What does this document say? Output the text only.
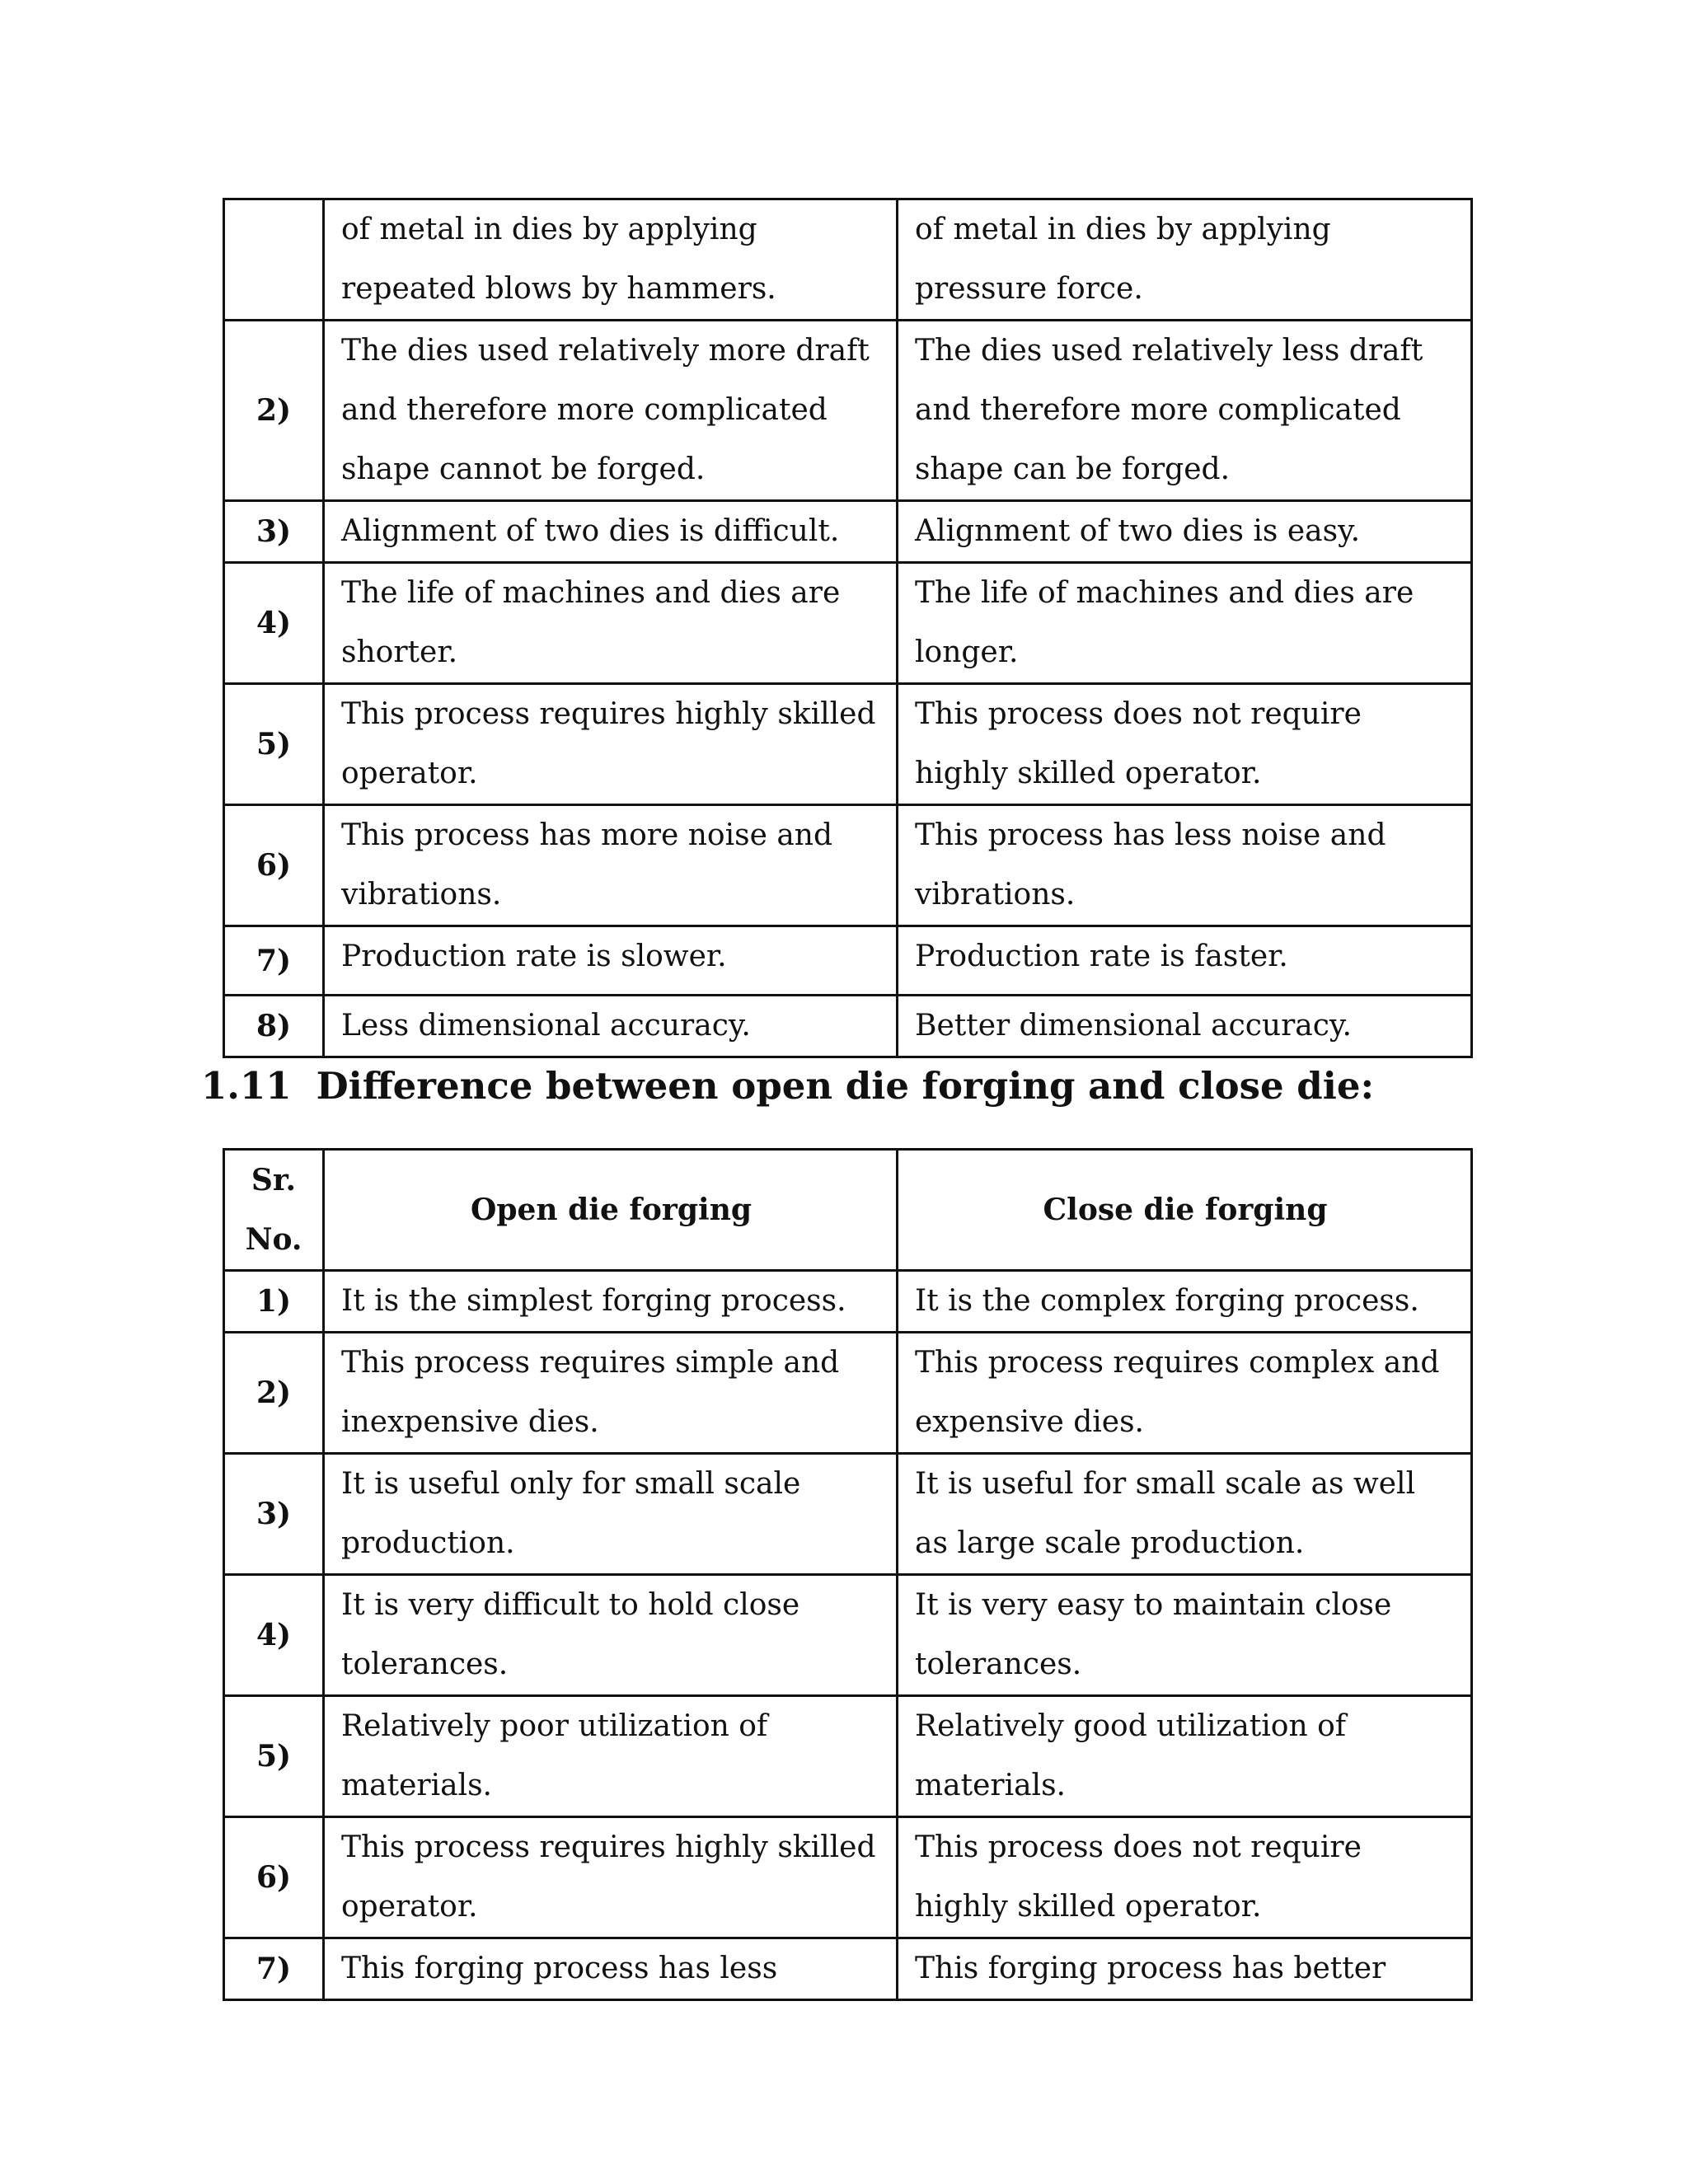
	of metal in dies by applying repeated blows by hammers.	of metal in dies by applying pressure force.
2)	The dies used relatively more draft and therefore more complicated shape cannot be forged.	The dies used relatively less draft and therefore more complicated shape can be forged.
3)	Alignment of two dies is difficult.	Alignment of two dies is easy.
4)	The life of machines and dies are shorter.	The life of machines and dies are longer.
5)	This process requires highly skilled operator.	This process does not require highly skilled operator.
6)	This process has more noise and vibrations.	This process has less noise and vibrations.
7)	Production rate is slower.	Production rate is faster.
8)	Less dimensional accuracy.	Better dimensional accuracy.
1.11 Difference between open die forging and close die:
Sr.
No.	Open die forging	Close die forging
1)	It is the simplest forging process.	It is the complex forging process.
2)	This process requires simple and inexpensive dies.	This process requires complex and expensive dies.
3)	It is useful only for small scale production.	It is useful for small scale as well as large scale production.
4)	It is very difficult to hold close tolerances.	It is very easy to maintain close tolerances.
5)	Relatively poor utilization of materials.	Relatively good utilization of materials.
6)	This process requires highly skilled operator.	This process does not require highly skilled operator.
7)	This forging process has less	This forging process has better
